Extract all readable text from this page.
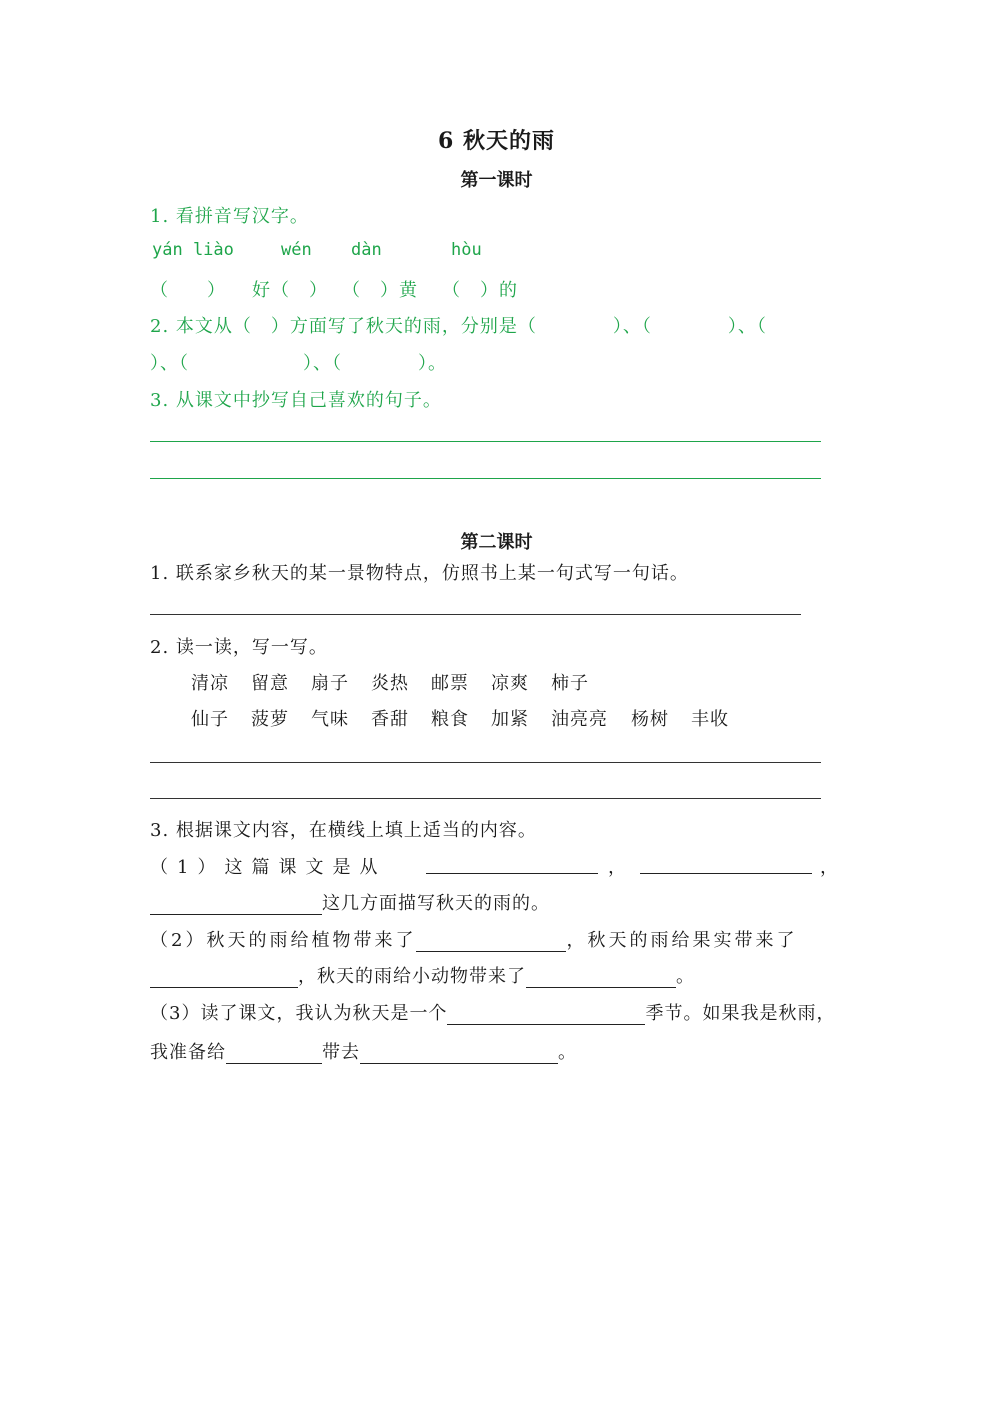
6 秋天的雨
第一课时
1. 看拼音写汉字。
yán liào	wén dàn	hòu
（　　） 好（　） （　）黄 （　）的
2. 本文从（　）方面写了秋天的雨，分别是（　　　　）、（　　　　）、（
）、（　　　　　　）、（　　　　）。
3. 从课文中抄写自己喜欢的句子。
第二课时
1. 联系家乡秋天的某一景物特点，仿照书上某一句式写一句话。
2. 读一读，写一写。
清凉 留意 扇子 炎热 邮票 凉爽 柿子
仙子 菠萝 气味 香甜 粮食 加紧 油亮亮 杨树 丰收
3. 根据课文内容，在横线上填上适当的内容。
（1）这篇课文是从	，	，
这几方面描写秋天的雨的。
（2）秋天的雨给植物带来了	，秋天的雨给果实带来了
，秋天的雨给小动物带来了	。
（3）读了课文，我认为秋天是一个	季节。如果我是秋雨，
我准备给	带去	。
